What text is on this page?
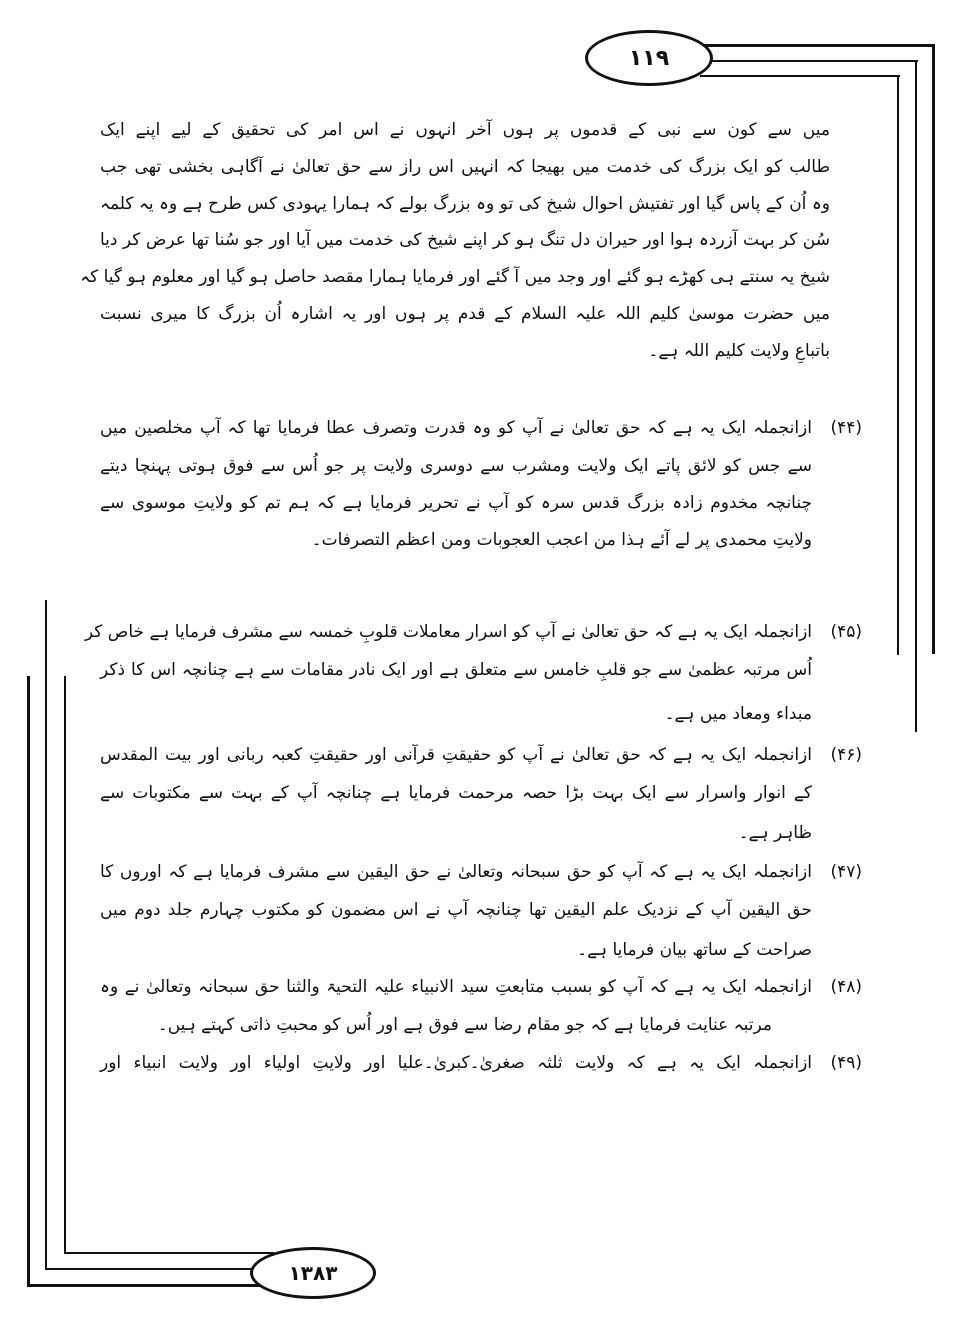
۱۱۹
۱۳۸۳
میں سے کون سے نبی کے قدموں پر ہوں آخر انہوں نے اس امر کی تحقیق کے لیے اپنے ایک
طالب کو ایک بزرگ کی خدمت میں بھیجا کہ انہیں اس راز سے حق تعالیٰ نے آگاہی بخشی تھی جب
وہ اُن کے پاس گیا اور تفتیش احوال شیخ کی تو وہ بزرگ بولے کہ ہمارا یہودی کس طرح ہے وہ یہ کلمہ
سُن کر بہت آزردہ ہوا اور حیران دل تنگ ہو کر اپنے شیخ کی خدمت میں آیا اور جو سُنا تھا عرض کر دیا
شیخ یہ سنتے ہی کھڑے ہو گئے اور وجد میں آ گئے اور فرمایا ہمارا مقصد حاصل ہو گیا اور معلوم ہو گیا کہ
میں حضرت موسیٰ کلیم اللہ علیہ السلام کے قدم پر ہوں اور یہ اشارہ اُن بزرگ کا میری نسبت
باتباعِ ولایت کلیم اللہ ہے۔
(۴۴)
ازانجملہ ایک یہ ہے کہ حق تعالیٰ نے آپ کو وہ قدرت وتصرف عطا فرمایا تھا کہ آپ مخلصین میں
سے جس کو لائق پاتے ایک ولایت ومشرب سے دوسری ولایت پر جو اُس سے فوق ہوتی پہنچا دیتے
چنانچہ مخدوم زادہ بزرگ قدس سرہ کو آپ نے تحریر فرمایا ہے کہ ہم تم کو ولایتِ موسوی سے
ولایتِ محمدی پر لے آئے ہذا من اعجب العجوبات ومن اعظم التصرفات۔
(۴۵)
ازانجملہ ایک یہ ہے کہ حق تعالیٰ نے آپ کو اسرار معاملات قلوبِ خمسہ سے مشرف فرمایا ہے خاص کر
اُس مرتبہ عظمیٰ سے جو قلبِ خامس سے متعلق ہے اور ایک نادر مقامات سے ہے چنانچہ اس کا ذکر
مبداء ومعاد میں ہے۔
(۴۶)
ازانجملہ ایک یہ ہے کہ حق تعالیٰ نے آپ کو حقیقتِ قرآنی اور حقیقتِ کعبہ ربانی اور بیت المقدس
کے انوار واسرار سے ایک بہت بڑا حصہ مرحمت فرمایا ہے چنانچہ آپ کے بہت سے مکتوبات سے
ظاہر ہے۔
(۴۷)
ازانجملہ ایک یہ ہے کہ آپ کو حق سبحانہ وتعالیٰ نے حق الیقین سے مشرف فرمایا ہے کہ اوروں کا
حق الیقین آپ کے نزدیک علم الیقین تھا چنانچہ آپ نے اس مضمون کو مکتوب چہارم جلد دوم میں
صراحت کے ساتھ بیان فرمایا ہے۔
(۴۸)
ازانجملہ ایک یہ ہے کہ آپ کو بسبب متابعتِ سید الانبیاء علیہ التحیۃ والثنا حق سبحانہ وتعالیٰ نے وہ
مرتبہ عنایت فرمایا ہے کہ جو مقام رضا سے فوق ہے اور اُس کو محبتِ ذاتی کہتے ہیں۔
(۴۹)
ازانجملہ ایک یہ ہے کہ ولایت ثلثہ صغریٰ۔کبریٰ۔علیا اور ولایتِ اولیاء اور ولایت انبیاء اور
